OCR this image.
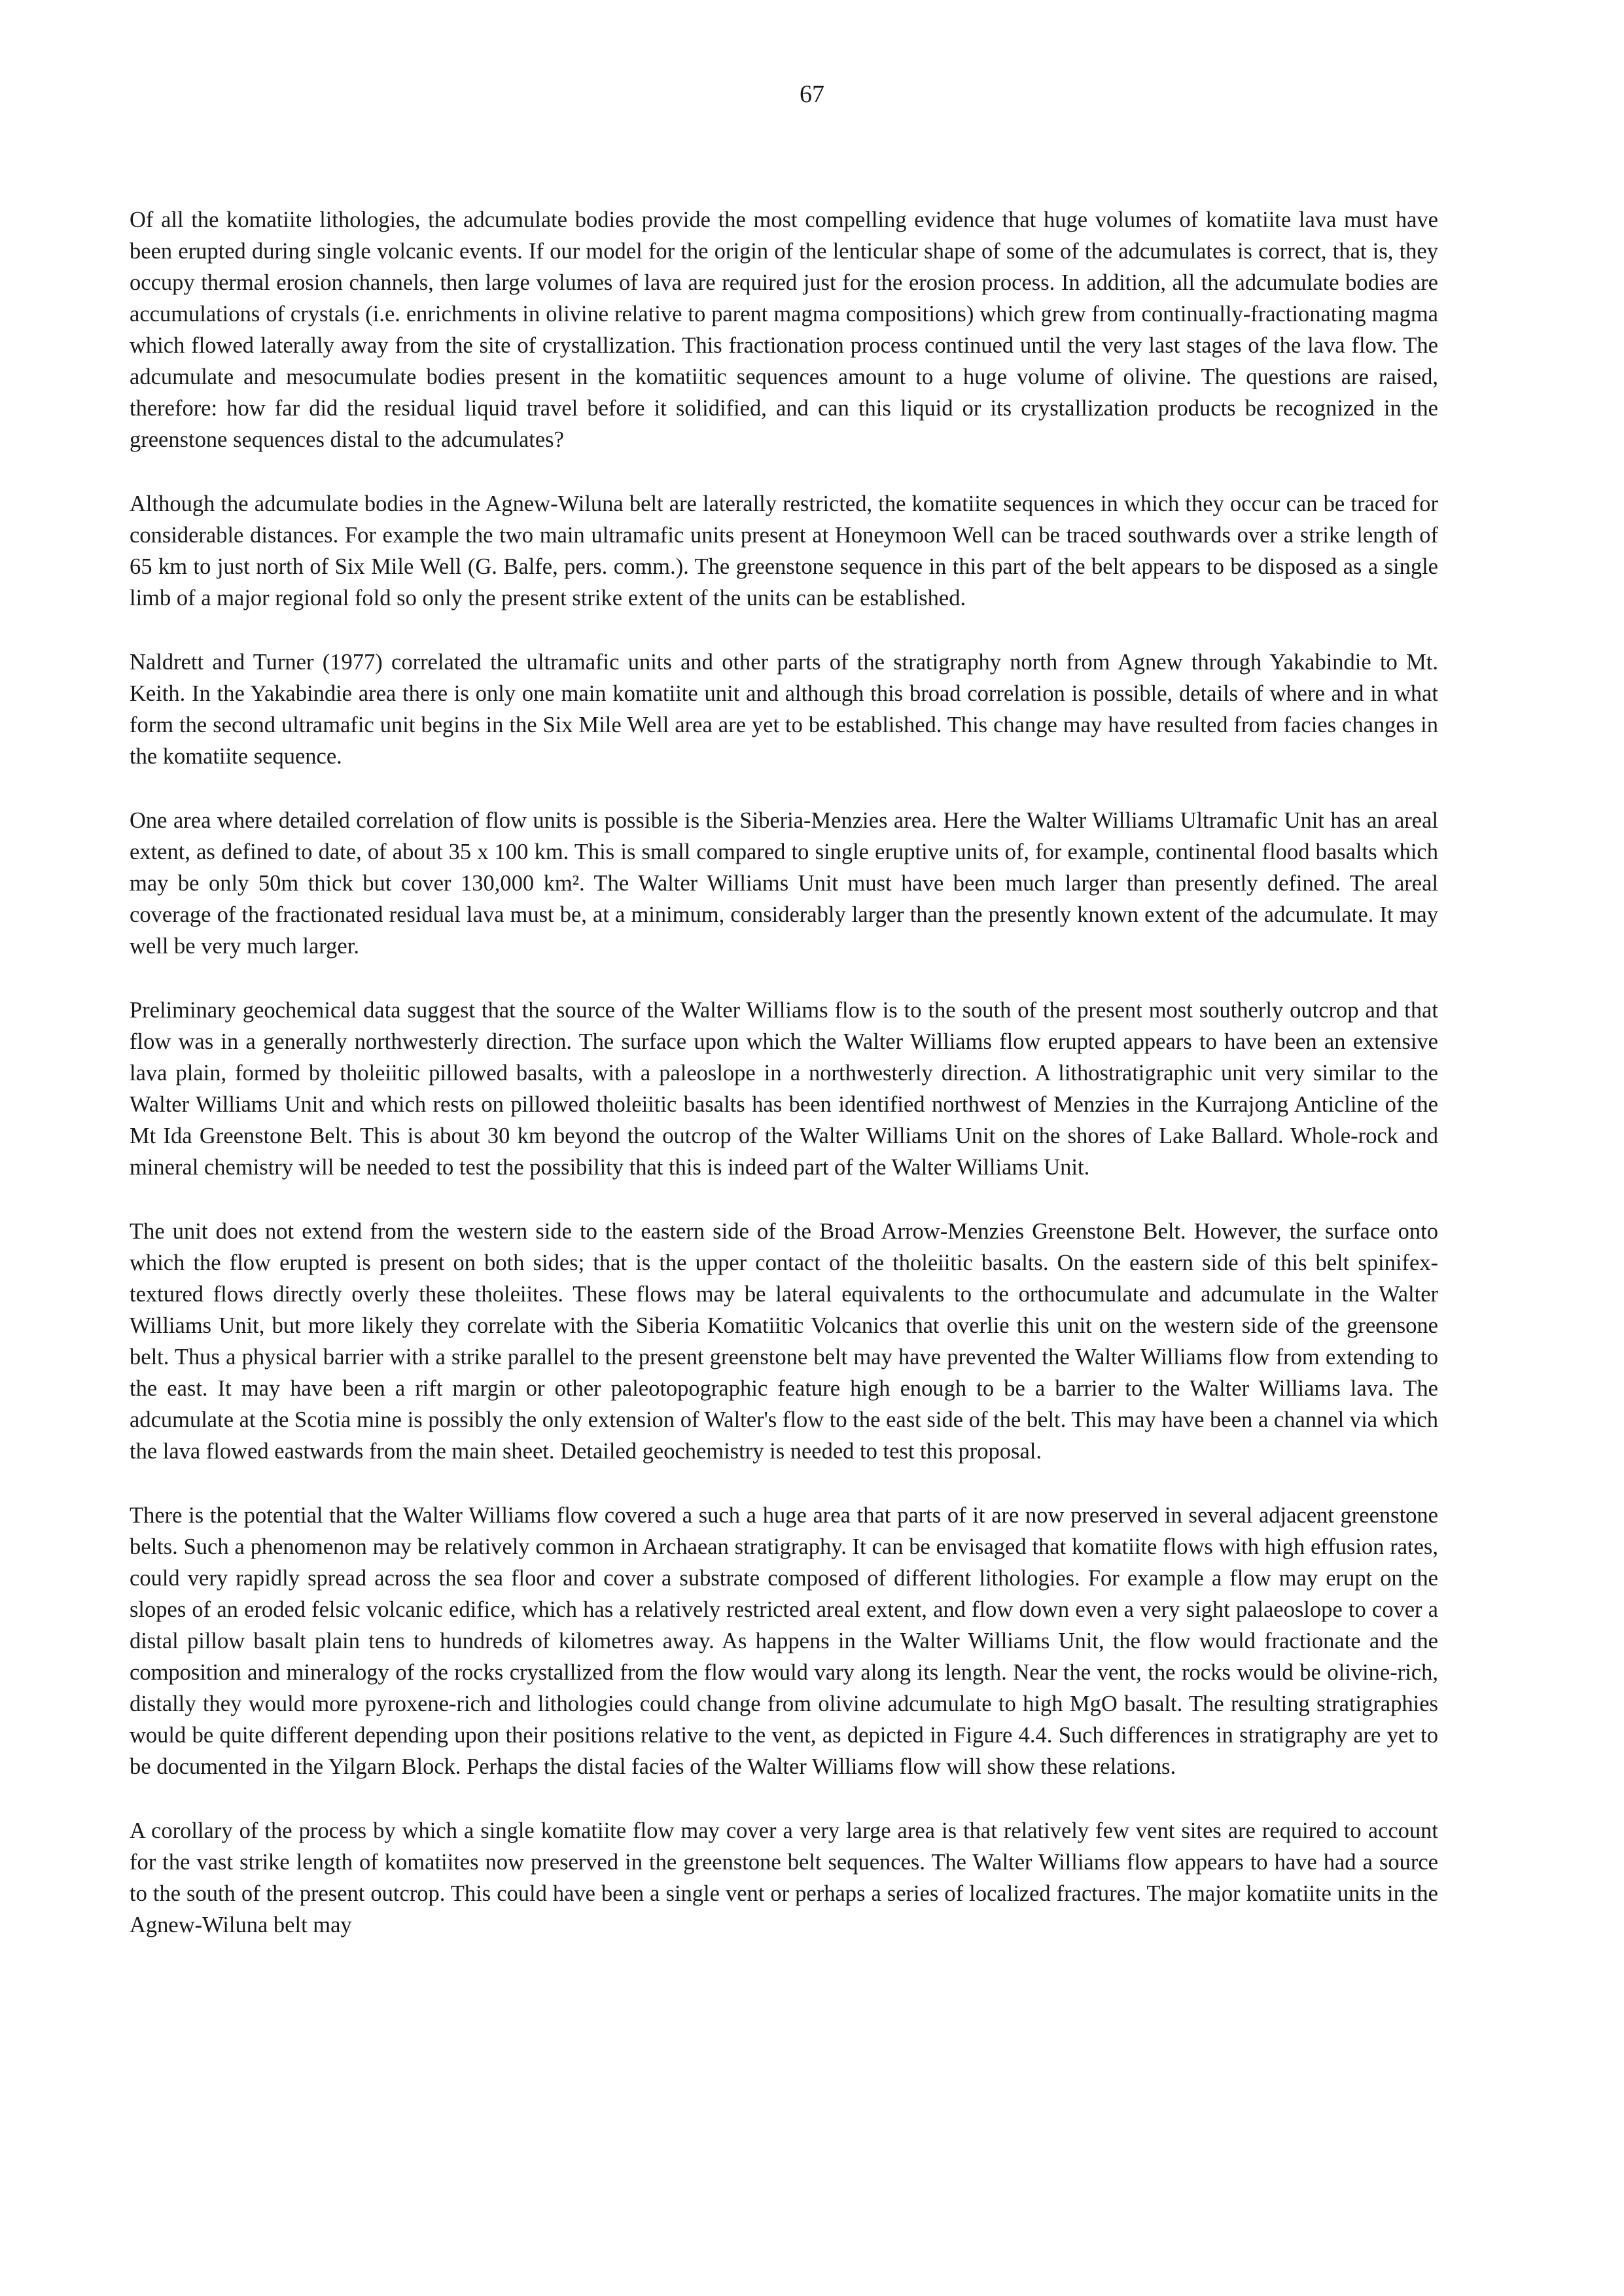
67

Of all the komatiite lithologies, the adcumulate bodies provide the most compelling evidence that huge volumes of komatiite lava must have been erupted during single volcanic events. If our model for the origin of the lenticular shape of some of the adcumulates is correct, that is, they occupy thermal erosion channels, then large volumes of lava are required just for the erosion process. In addition, all the adcumulate bodies are accumulations of crystals (i.e. enrichments in olivine relative to parent magma compositions) which grew from continually-fractionating magma which flowed laterally away from the site of crystallization. This fractionation process continued until the very last stages of the lava flow. The adcumulate and mesocumulate bodies present in the komatiitic sequences amount to a huge volume of olivine. The questions are raised, therefore: how far did the residual liquid travel before it solidified, and can this liquid or its crystallization products be recognized in the greenstone sequences distal to the adcumulates?

Although the adcumulate bodies in the Agnew-Wiluna belt are laterally restricted, the komatiite sequences in which they occur can be traced for considerable distances. For example the two main ultramafic units present at Honeymoon Well can be traced southwards over a strike length of 65 km to just north of Six Mile Well (G. Balfe, pers. comm.). The greenstone sequence in this part of the belt appears to be disposed as a single limb of a major regional fold so only the present strike extent of the units can be established.

Naldrett and Turner (1977) correlated the ultramafic units and other parts of the stratigraphy north from Agnew through Yakabindie to Mt. Keith. In the Yakabindie area there is only one main komatiite unit and although this broad correlation is possible, details of where and in what form the second ultramafic unit begins in the Six Mile Well area are yet to be established. This change may have resulted from facies changes in the komatiite sequence.

One area where detailed correlation of flow units is possible is the Siberia-Menzies area. Here the Walter Williams Ultramafic Unit has an areal extent, as defined to date, of about 35 x 100 km. This is small compared to single eruptive units of, for example, continental flood basalts which may be only 50m thick but cover 130,000 km². The Walter Williams Unit must have been much larger than presently defined. The areal coverage of the fractionated residual lava must be, at a minimum, considerably larger than the presently known extent of the adcumulate. It may well be very much larger.

Preliminary geochemical data suggest that the source of the Walter Williams flow is to the south of the present most southerly outcrop and that flow was in a generally northwesterly direction. The surface upon which the Walter Williams flow erupted appears to have been an extensive lava plain, formed by tholeiitic pillowed basalts, with a paleoslope in a northwesterly direction. A lithostratigraphic unit very similar to the Walter Williams Unit and which rests on pillowed tholeiitic basalts has been identified northwest of Menzies in the Kurrajong Anticline of the Mt Ida Greenstone Belt. This is about 30 km beyond the outcrop of the Walter Williams Unit on the shores of Lake Ballard. Whole-rock and mineral chemistry will be needed to test the possibility that this is indeed part of the Walter Williams Unit.

The unit does not extend from the western side to the eastern side of the Broad Arrow-Menzies Greenstone Belt. However, the surface onto which the flow erupted is present on both sides; that is the upper contact of the tholeiitic basalts. On the eastern side of this belt spinifex-textured flows directly overly these tholeiites. These flows may be lateral equivalents to the orthocumulate and adcumulate in the Walter Williams Unit, but more likely they correlate with the Siberia Komatiitic Volcanics that overlie this unit on the western side of the greensone belt. Thus a physical barrier with a strike parallel to the present greenstone belt may have prevented the Walter Williams flow from extending to the east. It may have been a rift margin or other paleotopographic feature high enough to be a barrier to the Walter Williams lava. The adcumulate at the Scotia mine is possibly the only extension of Walter's flow to the east side of the belt. This may have been a channel via which the lava flowed eastwards from the main sheet. Detailed geochemistry is needed to test this proposal.

There is the potential that the Walter Williams flow covered a such a huge area that parts of it are now preserved in several adjacent greenstone belts. Such a phenomenon may be relatively common in Archaean stratigraphy. It can be envisaged that komatiite flows with high effusion rates, could very rapidly spread across the sea floor and cover a substrate composed of different lithologies. For example a flow may erupt on the slopes of an eroded felsic volcanic edifice, which has a relatively restricted areal extent, and flow down even a very sight palaeoslope to cover a distal pillow basalt plain tens to hundreds of kilometres away. As happens in the Walter Williams Unit, the flow would fractionate and the composition and mineralogy of the rocks crystallized from the flow would vary along its length. Near the vent, the rocks would be olivine-rich, distally they would more pyroxene-rich and lithologies could change from olivine adcumulate to high MgO basalt. The resulting stratigraphies would be quite different depending upon their positions relative to the vent, as depicted in Figure 4.4. Such differences in stratigraphy are yet to be documented in the Yilgarn Block. Perhaps the distal facies of the Walter Williams flow will show these relations.

A corollary of the process by which a single komatiite flow may cover a very large area is that relatively few vent sites are required to account for the vast strike length of komatiites now preserved in the greenstone belt sequences. The Walter Williams flow appears to have had a source to the south of the present outcrop. This could have been a single vent or perhaps a series of localized fractures. The major komatiite units in the Agnew-Wiluna belt may
